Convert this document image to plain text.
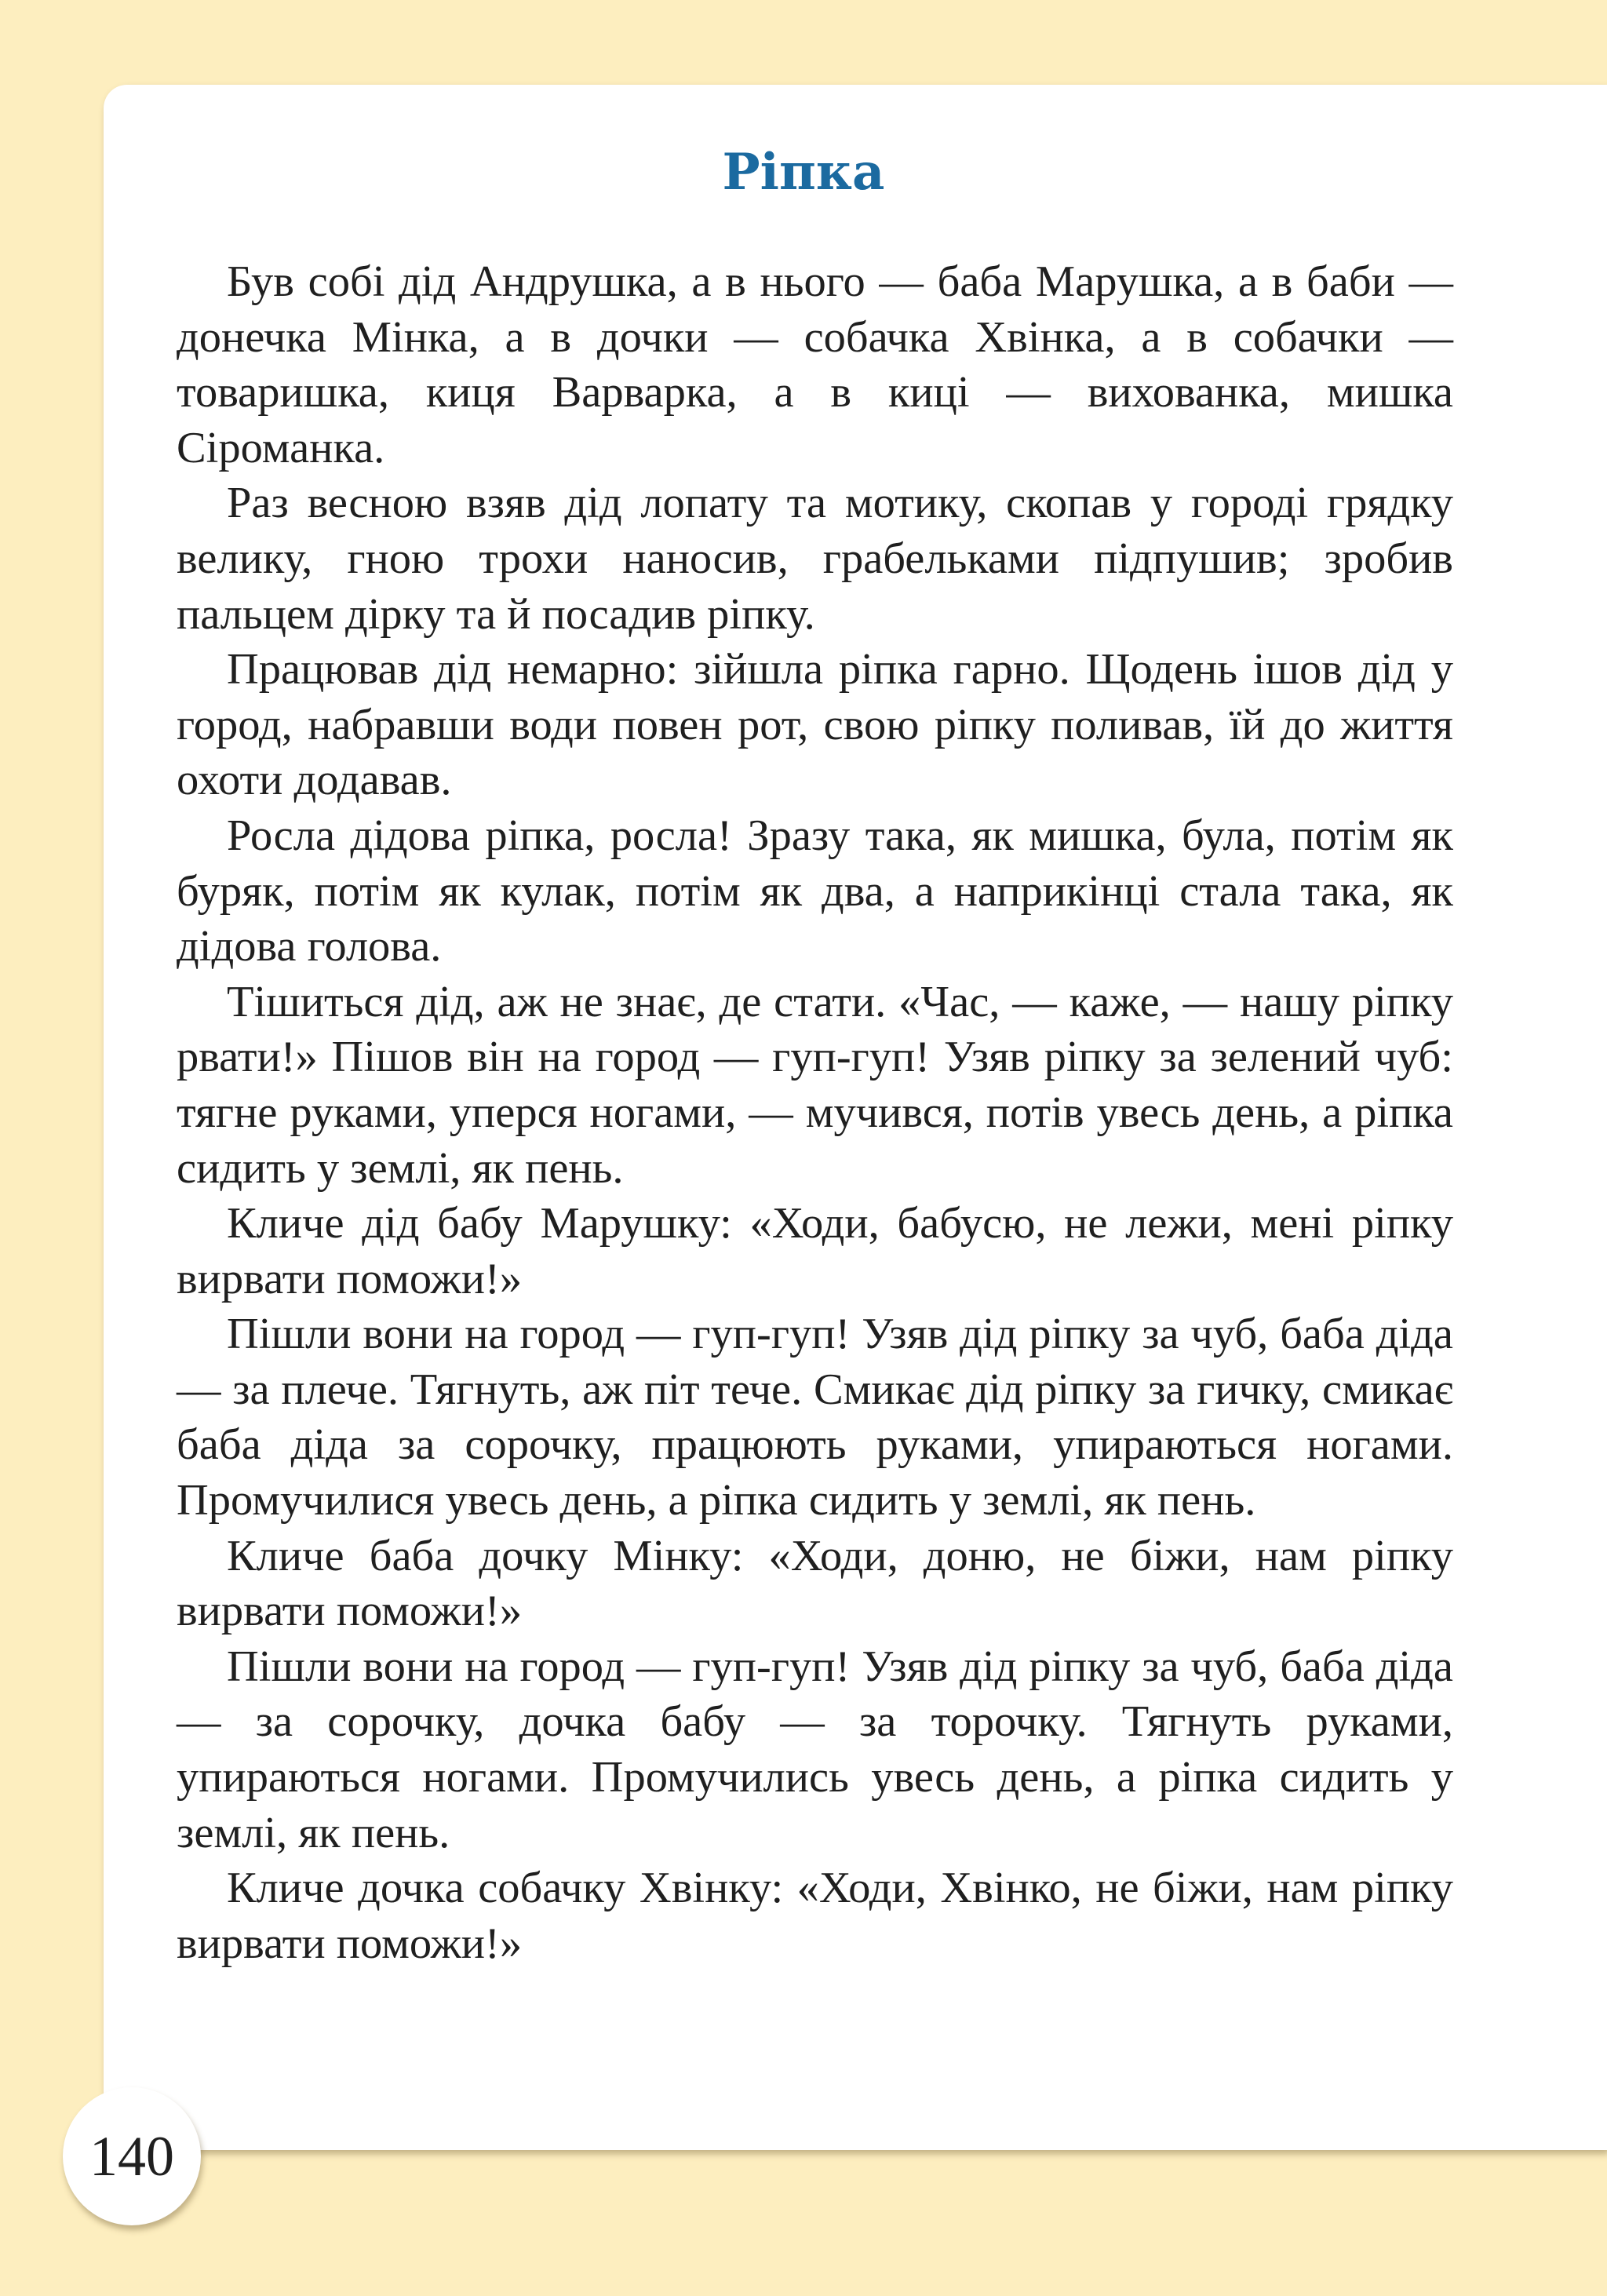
Ріпка

Був собі дід Андрушка, а в нього — баба Марушка, а в баби — донечка Мінка, а в дочки — собачка Хвінка, а в собачки — товаришка, киця Варварка, а в киці — вихованка, мишка Сіроманка.

Раз весною взяв дід лопату та мотику, скопав у городі грядку велику, гною трохи наносив, грабельками підпушив; зробив пальцем дірку та й посадив ріпку.

Працював дід немарно: зійшла ріпка гарно. Щодень ішов дід у город, набравши води повен рот, свою ріпку поливав, їй до життя охоти додавав.

Росла дідова ріпка, росла! Зразу така, як мишка, була, потім як буряк, потім як кулак, потім як два, а наприкінці стала така, як дідова голова.

Тішиться дід, аж не знає, де стати. «Час, — каже, — нашу ріпку рвати!» Пішов він на город — гуп-гуп! Узяв ріпку за зелений чуб: тягне руками, уперся ногами, — мучився, потів увесь день, а ріпка сидить у землі, як пень.

Кличе дід бабу Марушку: «Ходи, бабусю, не лежи, мені ріпку вирвати поможи!»

Пішли вони на город — гуп-гуп! Узяв дід ріпку за чуб, баба діда — за плече. Тягнуть, аж піт тече. Смикає дід ріпку за гичку, смикає баба діда за сорочку, працюють руками, упираються ногами. Промучилися увесь день, а ріпка сидить у землі, як пень.

Кличе баба дочку Мінку: «Ходи, доню, не біжи, нам ріпку вирвати поможи!»

Пішли вони на город — гуп-гуп! Узяв дід ріпку за чуб, баба діда — за сорочку, дочка бабу — за торочку. Тягнуть руками, упираються ногами. Промучились увесь день, а ріпка сидить у землі, як пень.

Кличе дочка собачку Хвінку: «Ходи, Хвінко, не біжи, нам ріпку вирвати поможи!»

140
